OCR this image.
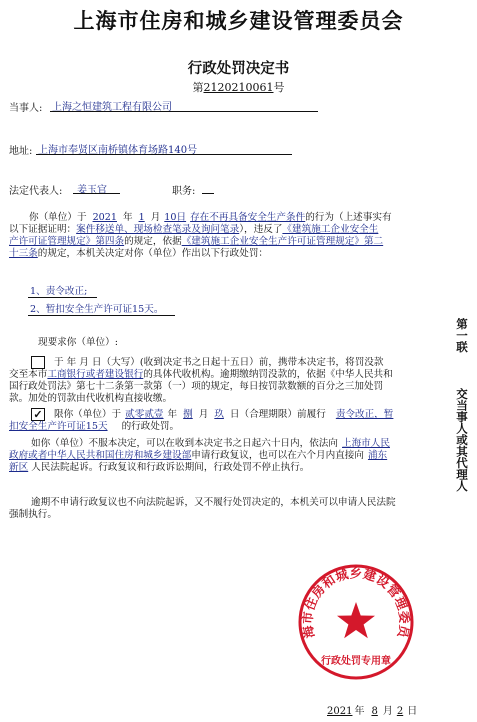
上海市住房和城乡建设管理委员会
行政处罚决定书
第2120210061号
当事人: 上海之恒建筑工程有限公司
地址: 上海市奉贤区南桥镇体育场路140号
法定代表人: 姜玉官	职务:
你（单位）于 2021 年 1 月 10日 存在不再具备安全生产条件的行为（上述事实有
以下证据证明：案件移送单、现场检查笔录及询问笔录），违反了《建筑施工企业安全生
产许可证管理规定》第四条的规定，依据《建筑施工企业安全生产许可证管理规定》第二
十三条的规定，本机关决定对你（单位）作出以下行政处罚：
1、责令改正;
2、暂扣安全生产许可证15天。
现要求你（单位）:
于 年 月 日（大写）(收到决定书之日起十五日）前，携带本决定书，将罚没款
交至本市工商银行或者建设银行的具体代收机构。逾期缴纳罚没款的，依据《中华人民共和
国行政处罚法》第七十二条第一款第（一）项的规定，每日按罚款数额的百分之三加处罚
款。加处的罚款由代收机构直接收缴。
✓ 限你（单位）于 贰零贰壹 年 捌 月 玖 日（合理期限）前履行 责令改正，暂
扣安全生产许可证15天 的行政处罚。
如你（单位）不服本决定，可以在收到本决定书之日起六十日内，依法向 上海市人民
政府或者中华人民共和国住房和城乡建设部申请行政复议，也可以在六个月内直接向 浦东
新区 人民法院起诉。行政复议和行政诉讼期间，行政处罚不停止执行。
逾期不申请行政复议也不向法院起诉，又不履行处罚决定的，本机关可以申请人民法院
强制执行。
第一联
交当事人或其代理人
上海市住房和城乡建设管理委员会
行政处罚专用章
2021 年 8 月 2 日
